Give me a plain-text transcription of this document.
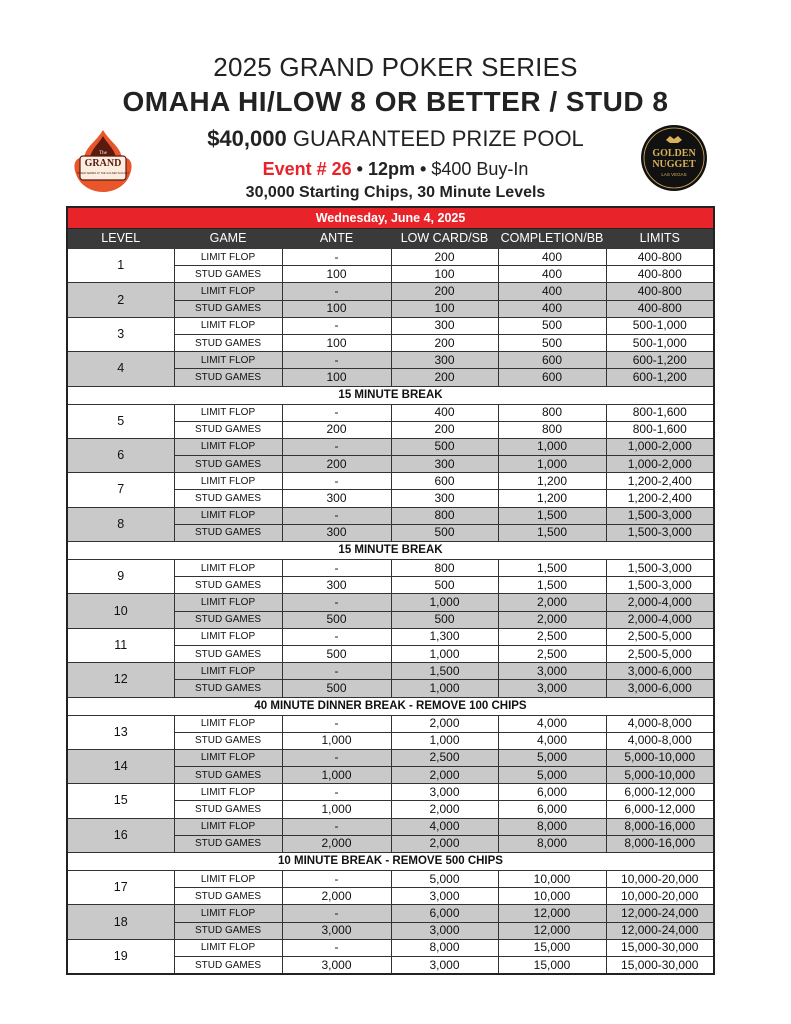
2025 GRAND POKER SERIES
OMAHA HI/LOW 8 OR BETTER / STUD 8
$40,000 GUARANTEED PRIZE POOL
Event # 26 • 12pm • $400 Buy-In
30,000 Starting Chips, 30 Minute Levels
The
GRAND
POKER SERIES AT THE GOLDEN NUGGET
GOLDEN
NUGGET
LAS VEGAS
Wednesday, June 4, 2025					
LEVEL	GAME	ANTE	LOW CARD/SB	COMPLETION/BB	LIMITS
1	LIMIT FLOP	-	200	400	400-800
	STUD GAMES	100	100	400	400-800
2	LIMIT FLOP	-	200	400	400-800
	STUD GAMES	100	100	400	400-800
3	LIMIT FLOP	-	300	500	500-1,000
	STUD GAMES	100	200	500	500-1,000
4	LIMIT FLOP	-	300	600	600-1,200
	STUD GAMES	100	200	600	600-1,200
15 MINUTE BREAK					
5	LIMIT FLOP	-	400	800	800-1,600
	STUD GAMES	200	200	800	800-1,600
6	LIMIT FLOP	-	500	1,000	1,000-2,000
	STUD GAMES	200	300	1,000	1,000-2,000
7	LIMIT FLOP	-	600	1,200	1,200-2,400
	STUD GAMES	300	300	1,200	1,200-2,400
8	LIMIT FLOP	-	800	1,500	1,500-3,000
	STUD GAMES	300	500	1,500	1,500-3,000
15 MINUTE BREAK					
9	LIMIT FLOP	-	800	1,500	1,500-3,000
	STUD GAMES	300	500	1,500	1,500-3,000
10	LIMIT FLOP	-	1,000	2,000	2,000-4,000
	STUD GAMES	500	500	2,000	2,000-4,000
11	LIMIT FLOP	-	1,300	2,500	2,500-5,000
	STUD GAMES	500	1,000	2,500	2,500-5,000
12	LIMIT FLOP	-	1,500	3,000	3,000-6,000
	STUD GAMES	500	1,000	3,000	3,000-6,000
40 MINUTE DINNER BREAK - REMOVE 100 CHIPS					
13	LIMIT FLOP	-	2,000	4,000	4,000-8,000
	STUD GAMES	1,000	1,000	4,000	4,000-8,000
14	LIMIT FLOP	-	2,500	5,000	5,000-10,000
	STUD GAMES	1,000	2,000	5,000	5,000-10,000
15	LIMIT FLOP	-	3,000	6,000	6,000-12,000
	STUD GAMES	1,000	2,000	6,000	6,000-12,000
16	LIMIT FLOP	-	4,000	8,000	8,000-16,000
	STUD GAMES	2,000	2,000	8,000	8,000-16,000
10 MINUTE BREAK - REMOVE 500 CHIPS					
17	LIMIT FLOP	-	5,000	10,000	10,000-20,000
	STUD GAMES	2,000	3,000	10,000	10,000-20,000
18	LIMIT FLOP	-	6,000	12,000	12,000-24,000
	STUD GAMES	3,000	3,000	12,000	12,000-24,000
19	LIMIT FLOP	-	8,000	15,000	15,000-30,000
	STUD GAMES	3,000	3,000	15,000	15,000-30,000
